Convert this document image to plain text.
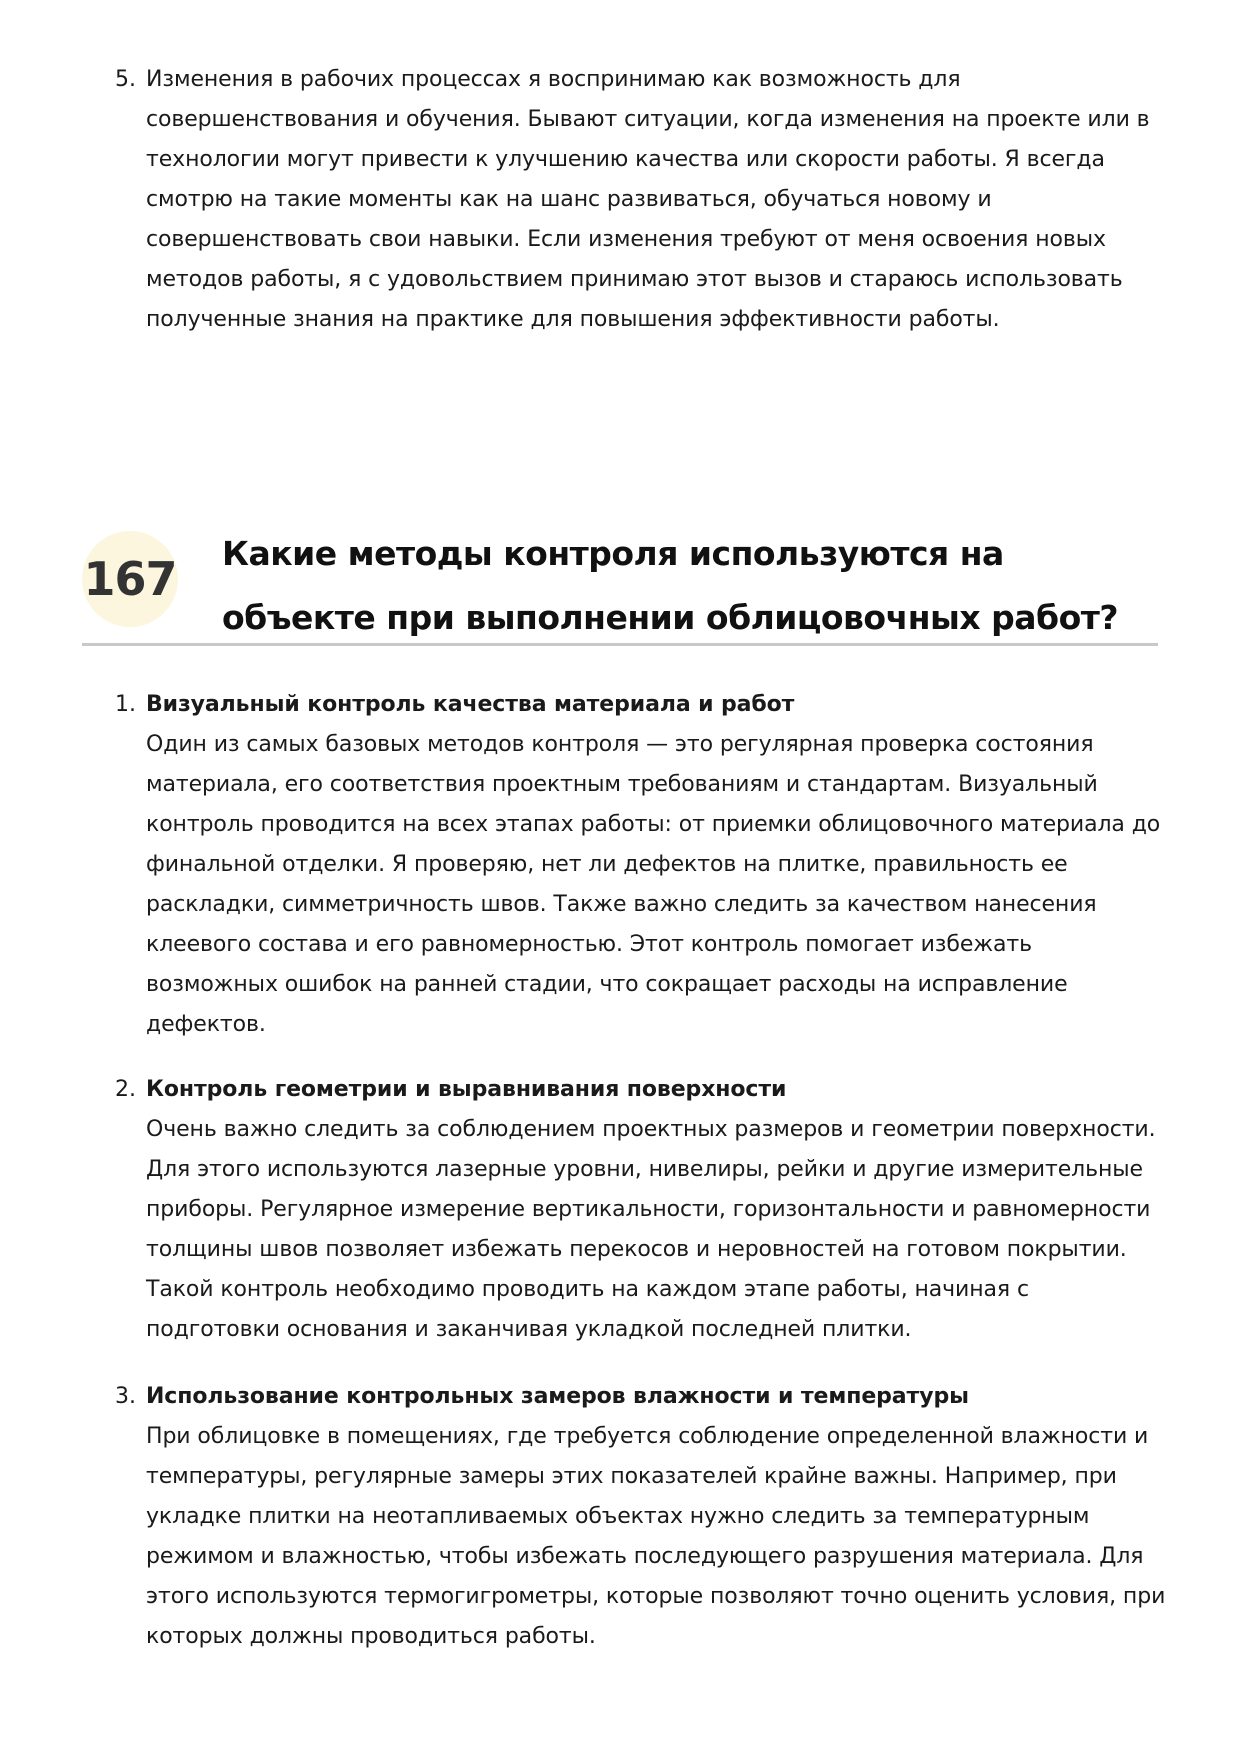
5. Изменения в рабочих процессах я воспринимаю как возможность для совершенствования и обучения. Бывают ситуации, когда изменения на проекте или в технологии могут привести к улучшению качества или скорости работы. Я всегда смотрю на такие моменты как на шанс развиваться, обучаться новому и совершенствовать свои навыки. Если изменения требуют от меня освоения новых методов работы, я с удовольствием принимаю этот вызов и стараюсь использовать полученные знания на практике для повышения эффективности работы.
167 Какие методы контроля используются на объекте при выполнении облицовочных работ?
1. Визуальный контроль качества материала и работ
Один из самых базовых методов контроля — это регулярная проверка состояния материала, его соответствия проектным требованиям и стандартам. Визуальный контроль проводится на всех этапах работы: от приемки облицовочного материала до финальной отделки. Я проверяю, нет ли дефектов на плитке, правильность ее раскладки, симметричность швов. Также важно следить за качеством нанесения клеевого состава и его равномерностью. Этот контроль помогает избежать возможных ошибок на ранней стадии, что сокращает расходы на исправление дефектов.
2. Контроль геометрии и выравнивания поверхности
Очень важно следить за соблюдением проектных размеров и геометрии поверхности. Для этого используются лазерные уровни, нивелиры, рейки и другие измерительные приборы. Регулярное измерение вертикальности, горизонтальности и равномерности толщины швов позволяет избежать перекосов и неровностей на готовом покрытии. Такой контроль необходимо проводить на каждом этапе работы, начиная с подготовки основания и заканчивая укладкой последней плитки.
3. Использование контрольных замеров влажности и температуры
При облицовке в помещениях, где требуется соблюдение определенной влажности и температуры, регулярные замеры этих показателей крайне важны. Например, при укладке плитки на неотапливаемых объектах нужно следить за температурным режимом и влажностью, чтобы избежать последующего разрушения материала. Для этого используются термогигрометры, которые позволяют точно оценить условия, при которых должны проводиться работы.
